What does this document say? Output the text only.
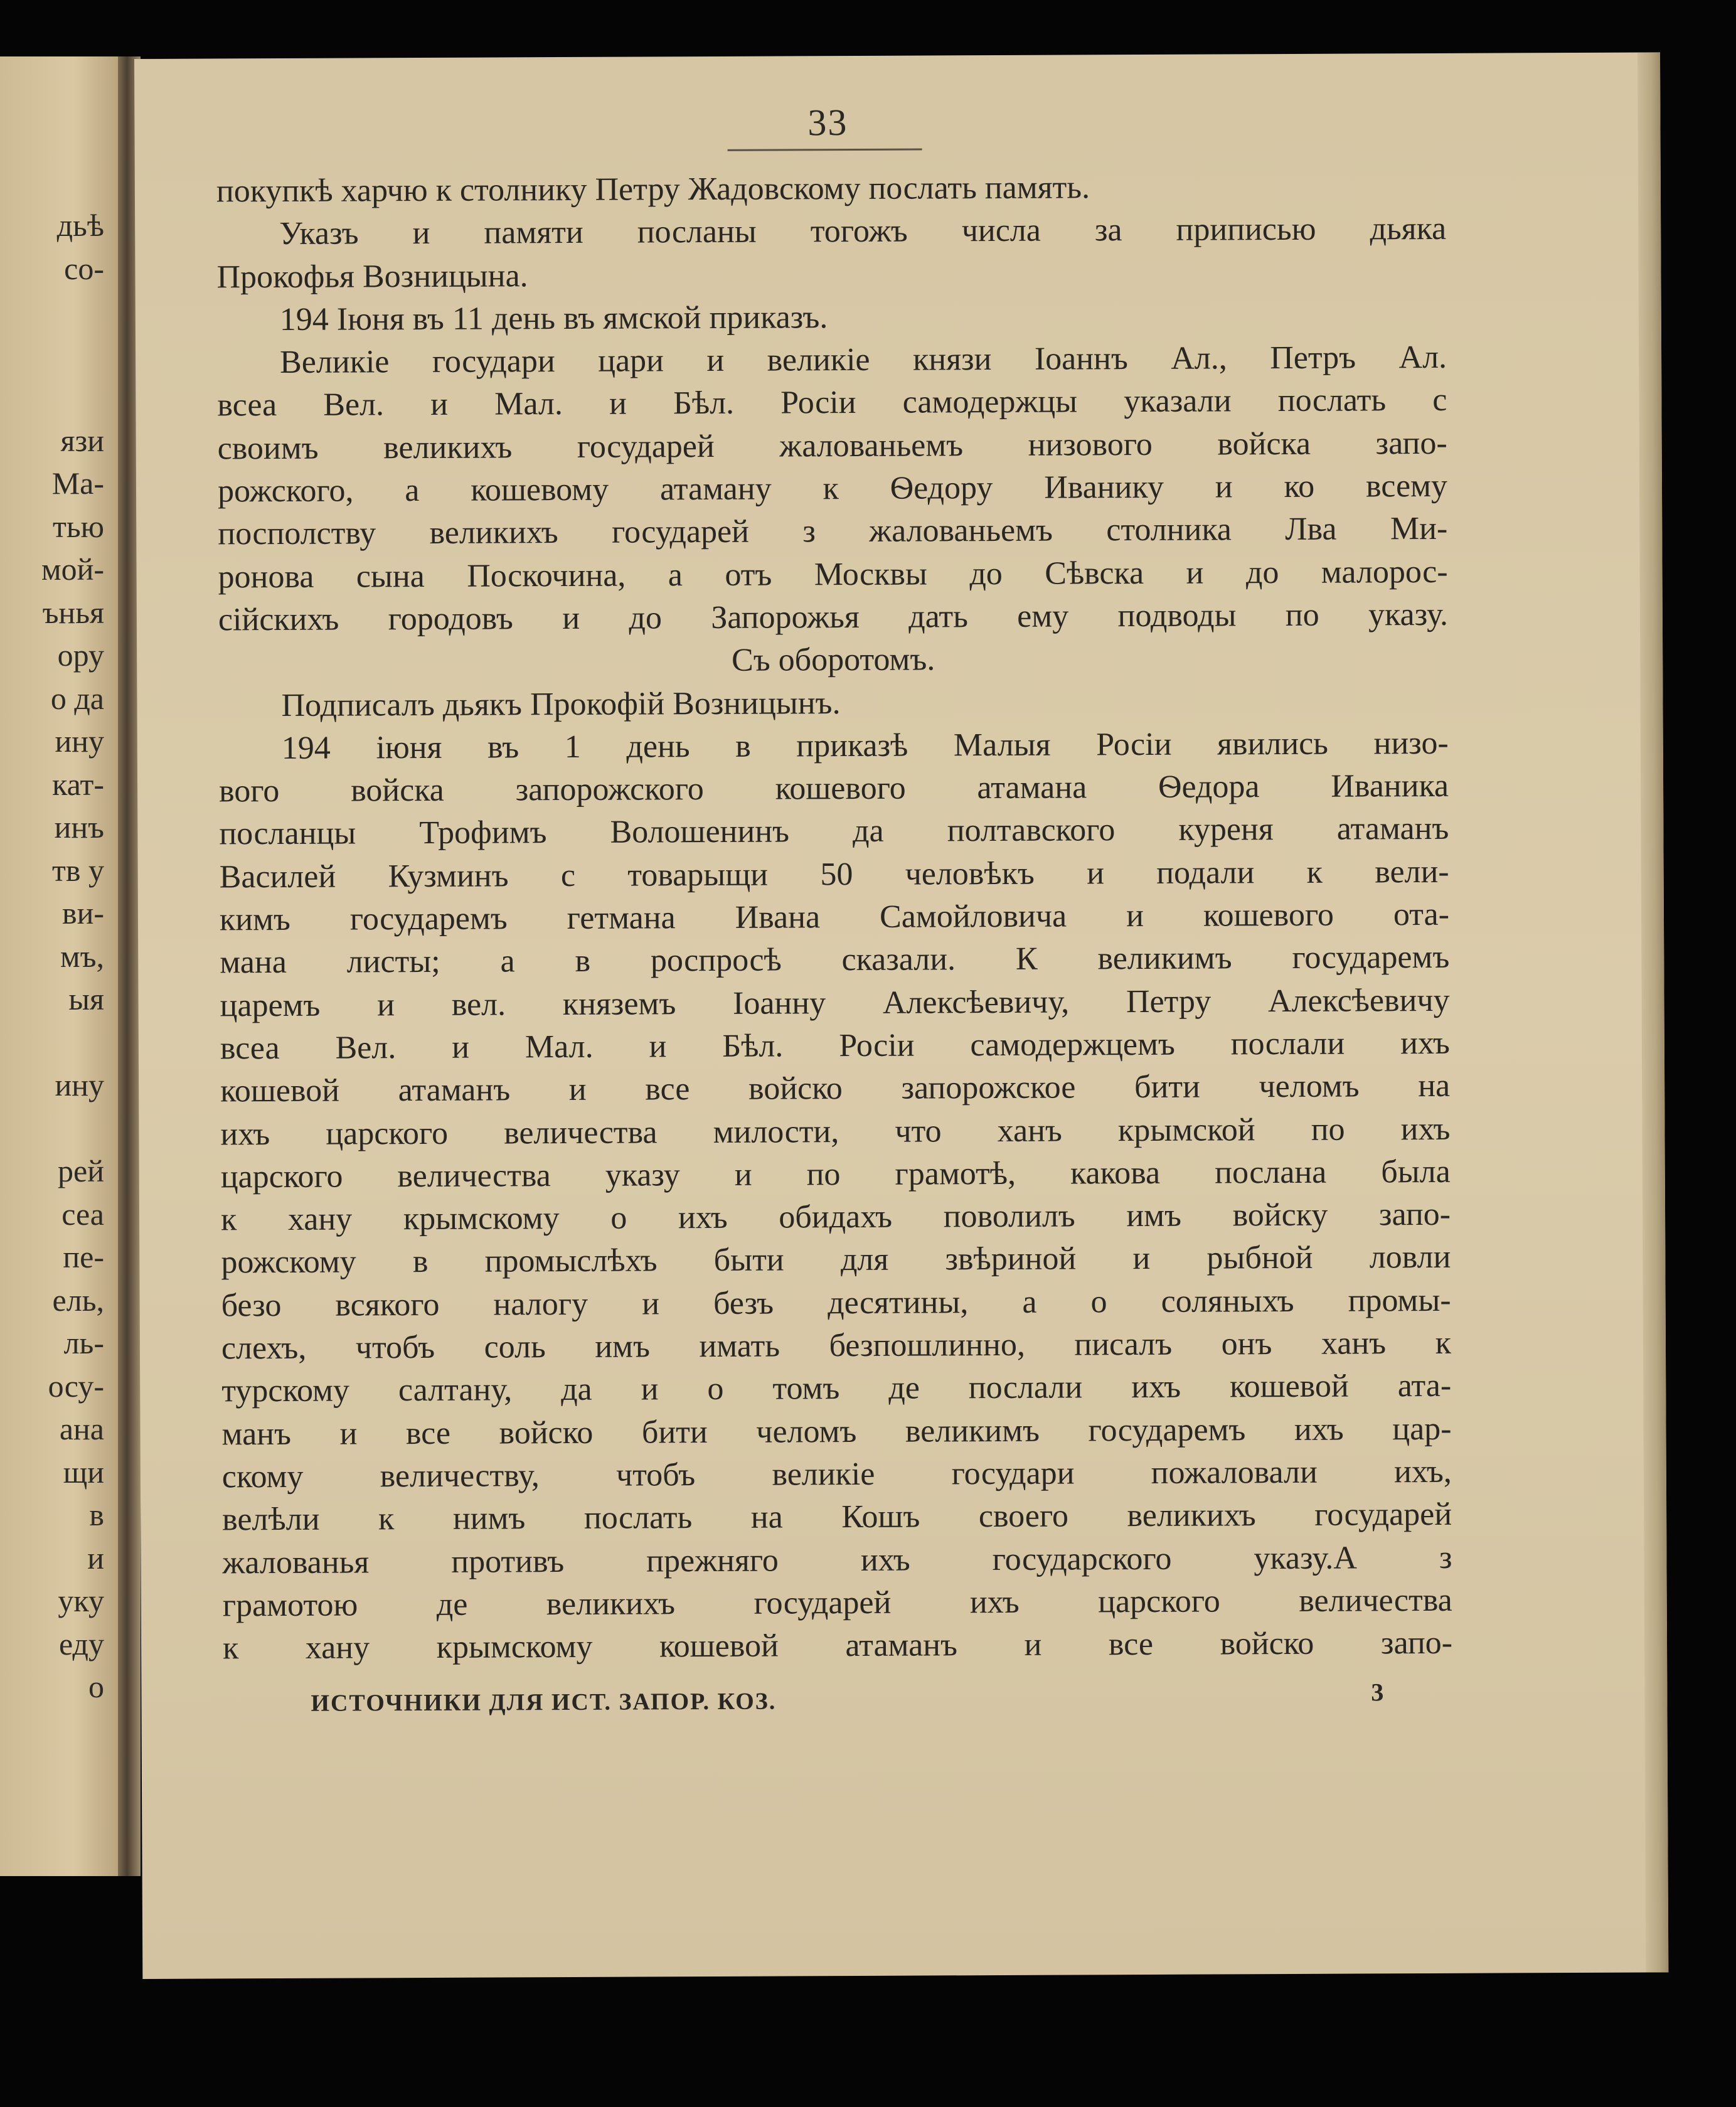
дьѣ
со-
язи
Ма-
тью
мой-
ънья
ору
о да
ину
кат-
инъ
тв у
ви-
мъ,
ыя
ину
рей
сеа
пе-
ель,
ль-
осу-
ана
щи
в
и
уку
еду
о
33
покупкѣ харчю к столнику Петру Жадовскому послать память.
Указъ и памяти посланы тогожъ числа за приписью дьяка
Прокофья Возницына.
194 Іюня въ 11 день въ ямской приказъ.
Великіе государи цари и великіе князи Іоаннъ Ал., Петръ Ал.
всеа Вел. и Мал. и Бѣл. Росіи самодержцы указали послать с
своимъ великихъ государей жалованьемъ низового войска запо-
рожского, а кошевому атаману к Ѳедору Иванику и ко всему
посполству великихъ государей з жалованьемъ столника Лва Ми-
ронова сына Поскочина, а отъ Москвы до Сѣвска и до малорос-
сійскихъ городовъ и до Запорожья дать ему подводы по указу.
Съ оборотомъ.
Подписалъ дьякъ Прокофій Возницынъ.
194 іюня въ 1 день в приказѣ Малыя Росіи явились низо-
вого войска запорожского кошевого атамана Ѳедора Иваника
посланцы Трофимъ Волошенинъ да полтавского куреня атаманъ
Василей Кузминъ с товарыщи 50 человѣкъ и подали к вели-
кимъ государемъ гетмана Ивана Самойловича и кошевого ота-
мана листы; а в роспросѣ сказали. К великимъ государемъ
царемъ и вел. княземъ Іоанну Алексѣевичу, Петру Алексѣевичу
всеа Вел. и Мал. и Бѣл. Росіи самодержцемъ послали ихъ
кошевой атаманъ и все войско запорожское бити челомъ на
ихъ царского величества милости, что ханъ крымской по ихъ
царского величества указу и по грамотѣ, какова послана была
к хану крымскому о ихъ обидахъ поволилъ имъ войску запо-
рожскому в промыслѣхъ быти для звѣриной и рыбной ловли
безо всякого налогу и безъ десятины, а о соляныхъ промы-
слехъ, чтобъ соль имъ имать безпошлинно, писалъ онъ ханъ к
турскому салтану, да и о томъ де послали ихъ кошевой ата-
манъ и все войско бити челомъ великимъ государемъ ихъ цар-
скому величеству, чтобъ великіе государи пожаловали ихъ,
велѣли к нимъ послать на Кошъ своего великихъ государей
жалованья противъ прежняго ихъ государского указу.А з
грамотою де великихъ государей ихъ царского величества
к хану крымскому кошевой атаманъ и все войско запо-
ИСТОЧНИКИ ДЛЯ ИСТ. ЗАПОР. КОЗ.	3
